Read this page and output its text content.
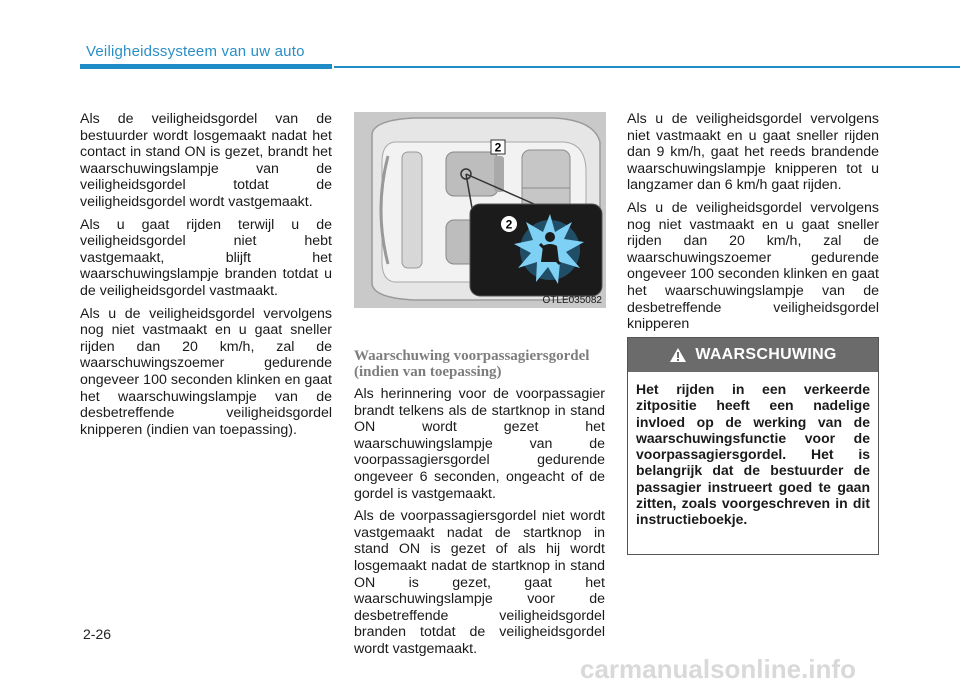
Veiligheidssysteem van uw auto

Als de veiligheidsgordel van de bestuurder wordt losgemaakt nadat het contact in stand ON is gezet, brandt het waarschuwingslampje van de veiligheidsgordel totdat de veiligheidsgordel wordt vastgemaakt.

Als u gaat rijden terwijl u de veiligheidsgordel niet hebt vastgemaakt, blijft het waarschuwingslampje branden totdat u de veiligheidsgordel vastmaakt.

Als u de veiligheidsgordel vervolgens nog niet vastmaakt en u gaat sneller rijden dan 20 km/h, zal de waarschuwingszoemer gedurende ongeveer 100 seconden klinken en gaat het waarschuwingslampje van de desbetreffende veiligheidsgordel knipperen (indien van toepassing).

2
2
OTLE035082
Waarschuwing voorpassagiersgordel (indien van toepassing)

Als herinnering voor de voorpassagier brandt telkens als de startknop in stand ON wordt gezet het waarschuwingslampje van de voorpassagiersgordel gedurende ongeveer 6 seconden, ongeacht of de gordel is vastgemaakt.

Als de voorpassagiersgordel niet wordt vastgemaakt nadat de startknop in stand ON is gezet of als hij wordt losgemaakt nadat de startknop in stand ON is gezet, gaat het waarschuwingslampje voor de desbetreffende veiligheidsgordel branden totdat de veiligheidsgordel wordt vastgemaakt.

Als u de veiligheidsgordel vervolgens niet vastmaakt en u gaat sneller rijden dan 9 km/h, gaat het reeds brandende waarschuwingslampje knipperen tot u langzamer dan 6 km/h gaat rijden.

Als u de veiligheidsgordel vervolgens nog niet vastmaakt en u gaat sneller rijden dan 20 km/h, zal de waarschuwingszoemer gedurende ongeveer 100 seconden klinken en gaat het waarschuwingslampje van de desbetreffende veiligheidsgordel knipperen

WAARSCHUWING
Het rijden in een verkeerde zitpositie heeft een nadelige invloed op de werking van de waarschuwingsfunctie voor de voorpassagiersgordel. Het is belangrijk dat de bestuurder de passagier instrueert goed te gaan zitten, zoals voorgeschreven in dit instructieboekje.
2-26
carmanualsonline.info
